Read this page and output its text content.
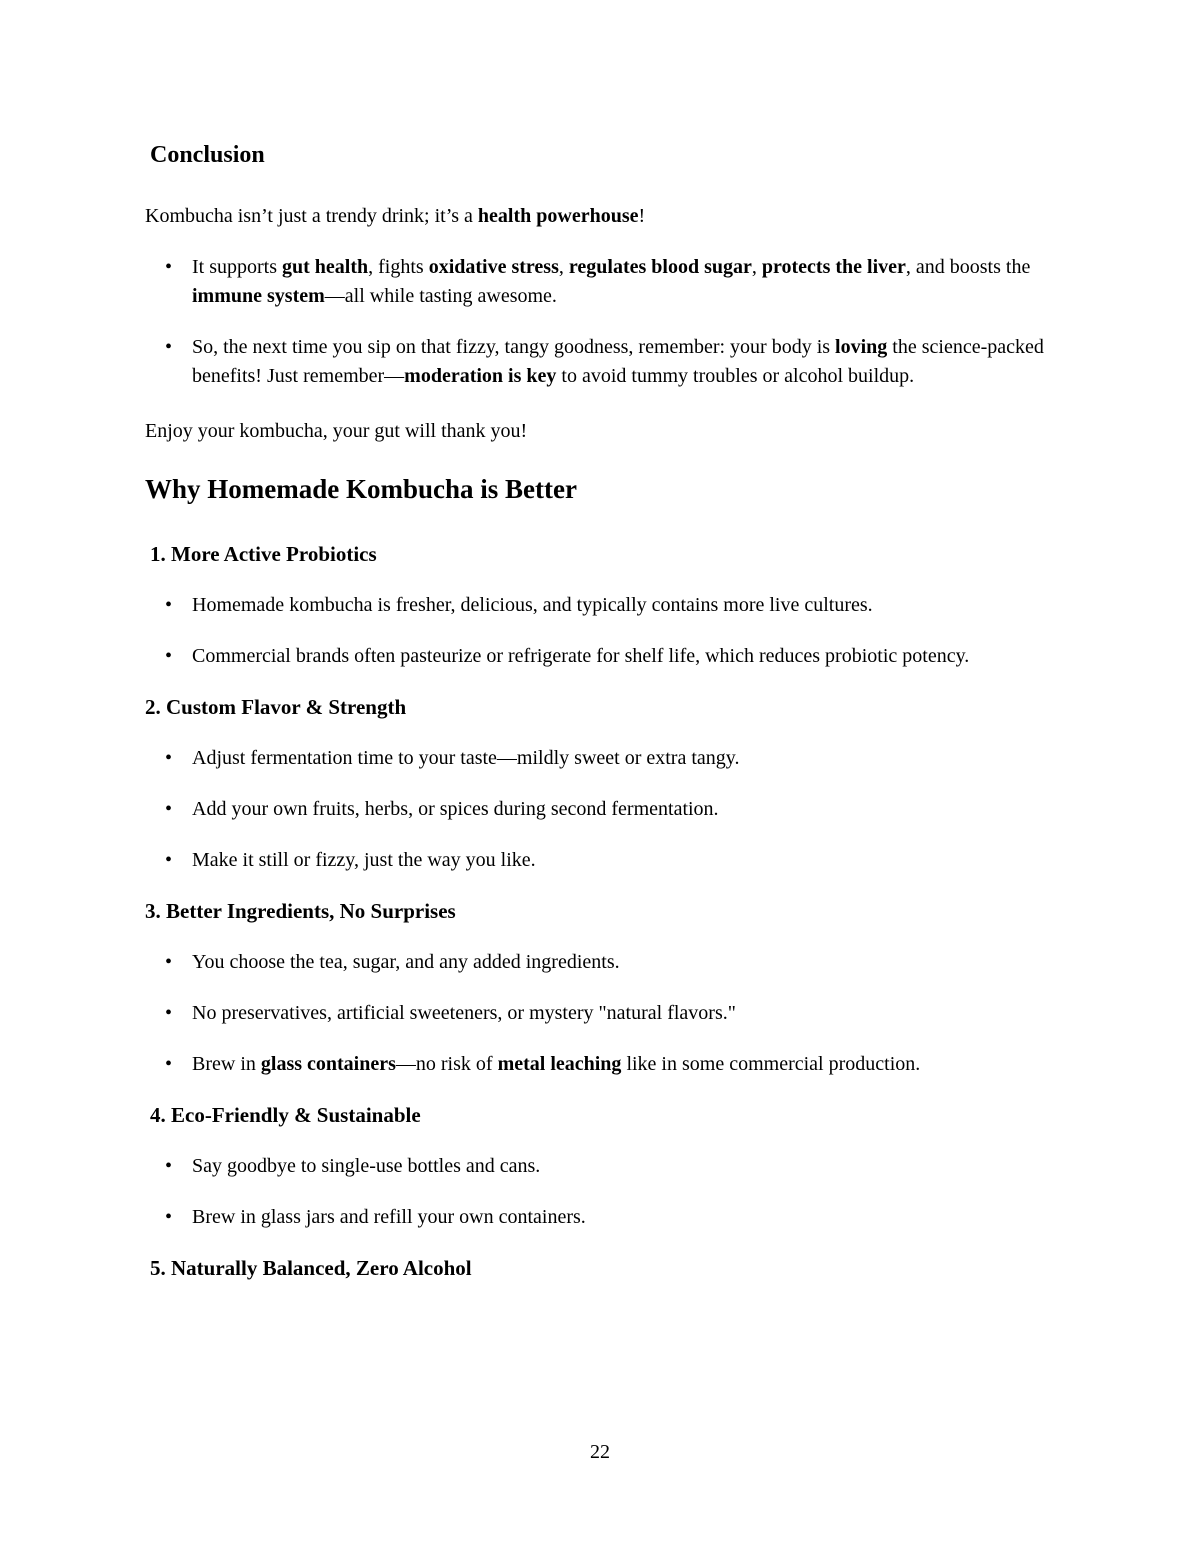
Conclusion

Kombucha isn’t just a trendy drink; it’s a health powerhouse!

• It supports gut health, fights oxidative stress, regulates blood sugar, protects the liver, and boosts the immune system—all while tasting awesome.
• So, the next time you sip on that fizzy, tangy goodness, remember: your body is loving the science-packed benefits! Just remember—moderation is key to avoid tummy troubles or alcohol buildup.

Enjoy your kombucha, your gut will thank you!

Why Homemade Kombucha is Better
1. More Active Probiotics
• Homemade kombucha is fresher, delicious, and typically contains more live cultures.
• Commercial brands often pasteurize or refrigerate for shelf life, which reduces probiotic potency.
2. Custom Flavor & Strength
• Adjust fermentation time to your taste—mildly sweet or extra tangy.
• Add your own fruits, herbs, or spices during second fermentation.
• Make it still or fizzy, just the way you like.
3. Better Ingredients, No Surprises
• You choose the tea, sugar, and any added ingredients.
• No preservatives, artificial sweeteners, or mystery "natural flavors."
• Brew in glass containers—no risk of metal leaching like in some commercial production.
4. Eco-Friendly & Sustainable
• Say goodbye to single-use bottles and cans.
• Brew in glass jars and refill your own containers.
5. Naturally Balanced, Zero Alcohol
22
